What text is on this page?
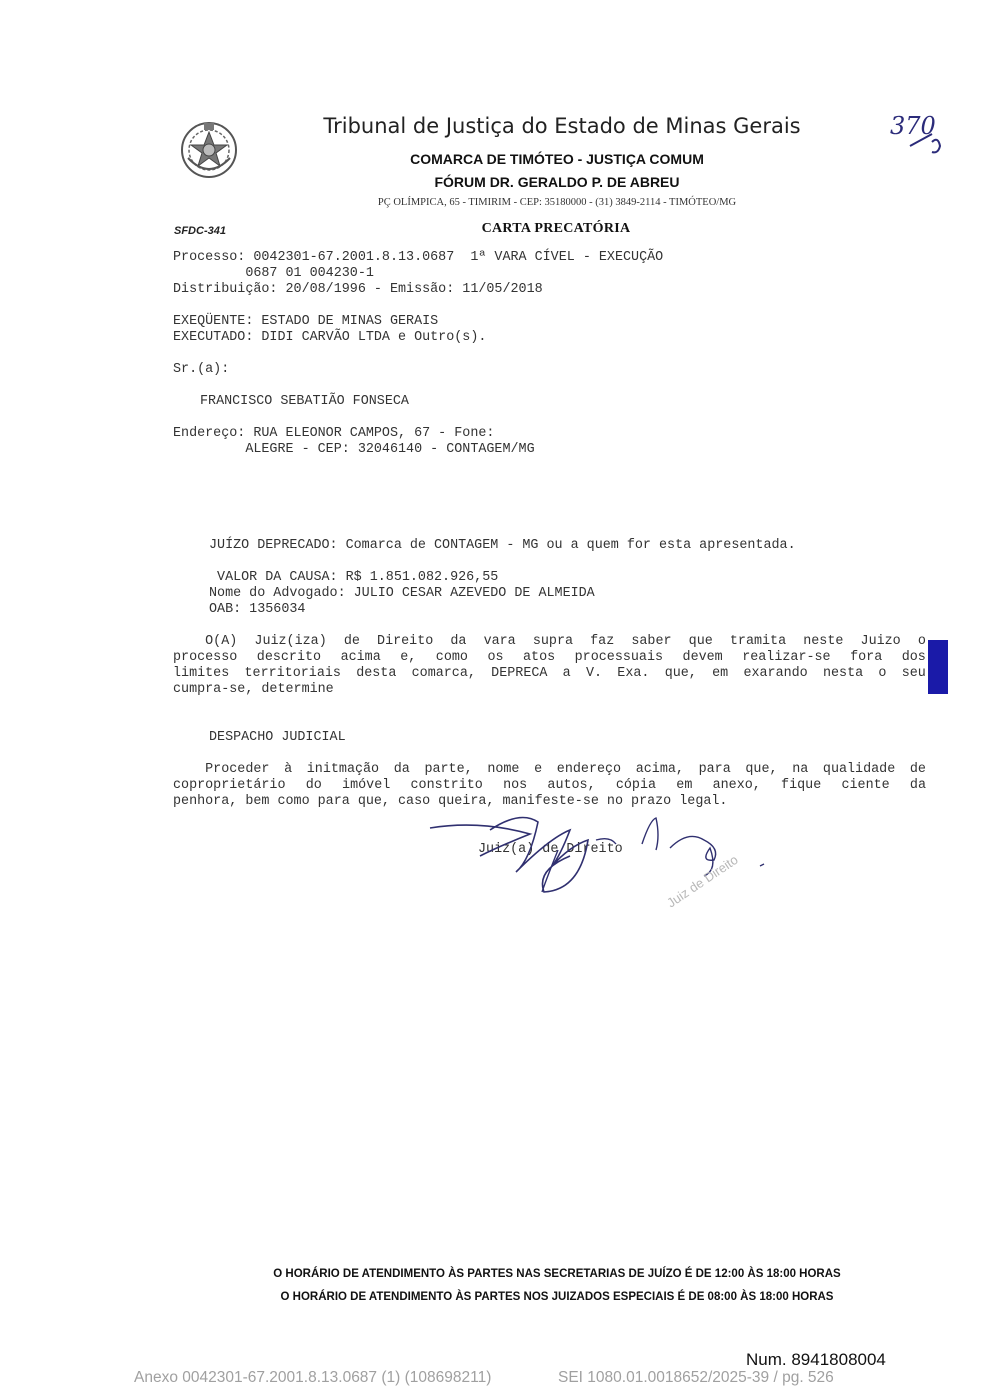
Tribunal de Justiça do Estado de Minas Gerais
COMARCA DE TIMÓTEO - JUSTIÇA COMUM
FÓRUM DR. GERALDO P. DE ABREU
PÇ OLÍMPICA, 65 - TIMIRIM - CEP: 35180000 - (31) 3849-2114 - TIMÓTEO/MG
SFDC-341	CARTA PRECATÓRIA
370
Processo: 0042301-67.2001.8.13.0687  1ª VARA CÍVEL - EXECUÇÃO
0687 01 004230-1
Distribuição: 20/08/1996 - Emissão: 11/05/2018
EXEQÜENTE: ESTADO DE MINAS GERAIS
EXECUTADO: DIDI CARVÃO LTDA e Outro(s).
Sr.(a):
FRANCISCO SEBATIÃO FONSECA
Endereço: RUA ELEONOR CAMPOS, 67 - Fone:
ALEGRE - CEP: 32046140 - CONTAGEM/MG
JUÍZO DEPRECADO: Comarca de CONTAGEM - MG ou a quem for esta apresentada.
VALOR DA CAUSA: R$ 1.851.082.926,55
Nome do Advogado: JULIO CESAR AZEVEDO DE ALMEIDA
OAB: 1356034
O(A) Juiz(iza) de Direito da vara supra faz saber que tramita neste Juizo o
processo descrito acima e, como os atos processuais devem realizar-se fora dos
limites territoriais desta comarca, DEPRECA a V. Exa. que, em exarando nesta o seu
cumpra-se, determine
DESPACHO JUDICIAL
Proceder à initmação da parte, nome e endereço acima, para que, na qualidade de
coproprietário do imóvel constrito nos autos, cópia em anexo, fique ciente da
penhora, bem como para que, caso queira, manifeste-se no prazo legal.
Juiz(a) de Direito
Juiz de Direito
O HORÁRIO DE ATENDIMENTO ÀS PARTES NAS SECRETARIAS DE JUÍZO É DE 12:00 ÀS 18:00 HORAS
O HORÁRIO DE ATENDIMENTO ÀS PARTES NOS JUIZADOS ESPECIAIS É DE 08:00 ÀS 18:00 HORAS
Num. 8941808004
Anexo 0042301-67.2001.8.13.0687 (1) (108698211)	SEI 1080.01.0018652/2025-39 / pg. 526
